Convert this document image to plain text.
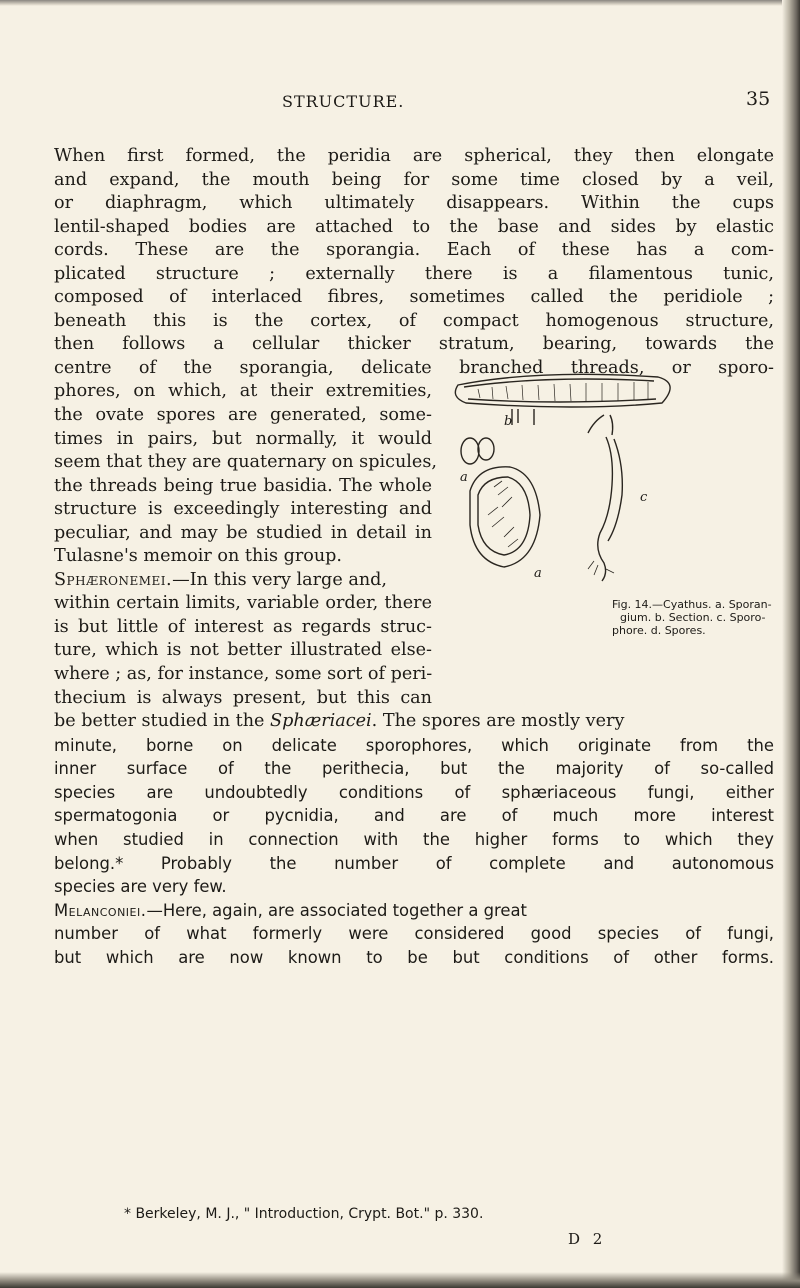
STRUCTURE.	35
When first formed, the peridia are spherical, they then elongate
and expand, the mouth being for some time closed by a veil,
or diaphragm, which ultimately disappears. Within the cups
lentil-shaped bodies are attached to the base and sides by elastic
cords. These are the sporangia. Each of these has a com-
plicated structure ; externally there is a filamentous tunic,
composed of interlaced fibres, sometimes called the peridiole ;
beneath this is the cortex, of compact homogenous structure,
then follows a cellular thicker stratum, bearing, towards the
centre of the sporangia, delicate branched threads, or sporo-
phores, on which, at their extremities,
the ovate spores are generated, some-
times in pairs, but normally, it would
seem that they are quaternary on spicules,
the threads being true basidia. The whole
structure is exceedingly interesting and
peculiar, and may be studied in detail in
Tulasne's memoir on this group.
Sphæronemei.—In this very large and,
within certain limits, variable order, there
is but little of interest as regards struc-
ture, which is not better illustrated else-
where ; as, for instance, some sort of peri-
thecium is always present, but this can
be better studied in the Sphæriacei. The spores are mostly very
minute, borne on delicate sporophores, which originate from the
inner surface of the perithecia, but the majority of so-called
species are undoubtedly conditions of sphæriaceous fungi, either
spermatogonia or pycnidia, and are of much more interest
when studied in connection with the higher forms to which they
belong.* Probably the number of complete and autonomous
species are very few.
Melanconiei.—Here, again, are associated together a great
number of what formerly were considered good species of fungi,
but which are now known to be but conditions of other forms.
b
a
c
a
Fig. 14.—Cyathus. a. Sporan-
gium. b. Section. c. Sporo-
phore. d. Spores.
* Berkeley, M. J., " Introduction, Crypt. Bot." p. 330.
D 2
